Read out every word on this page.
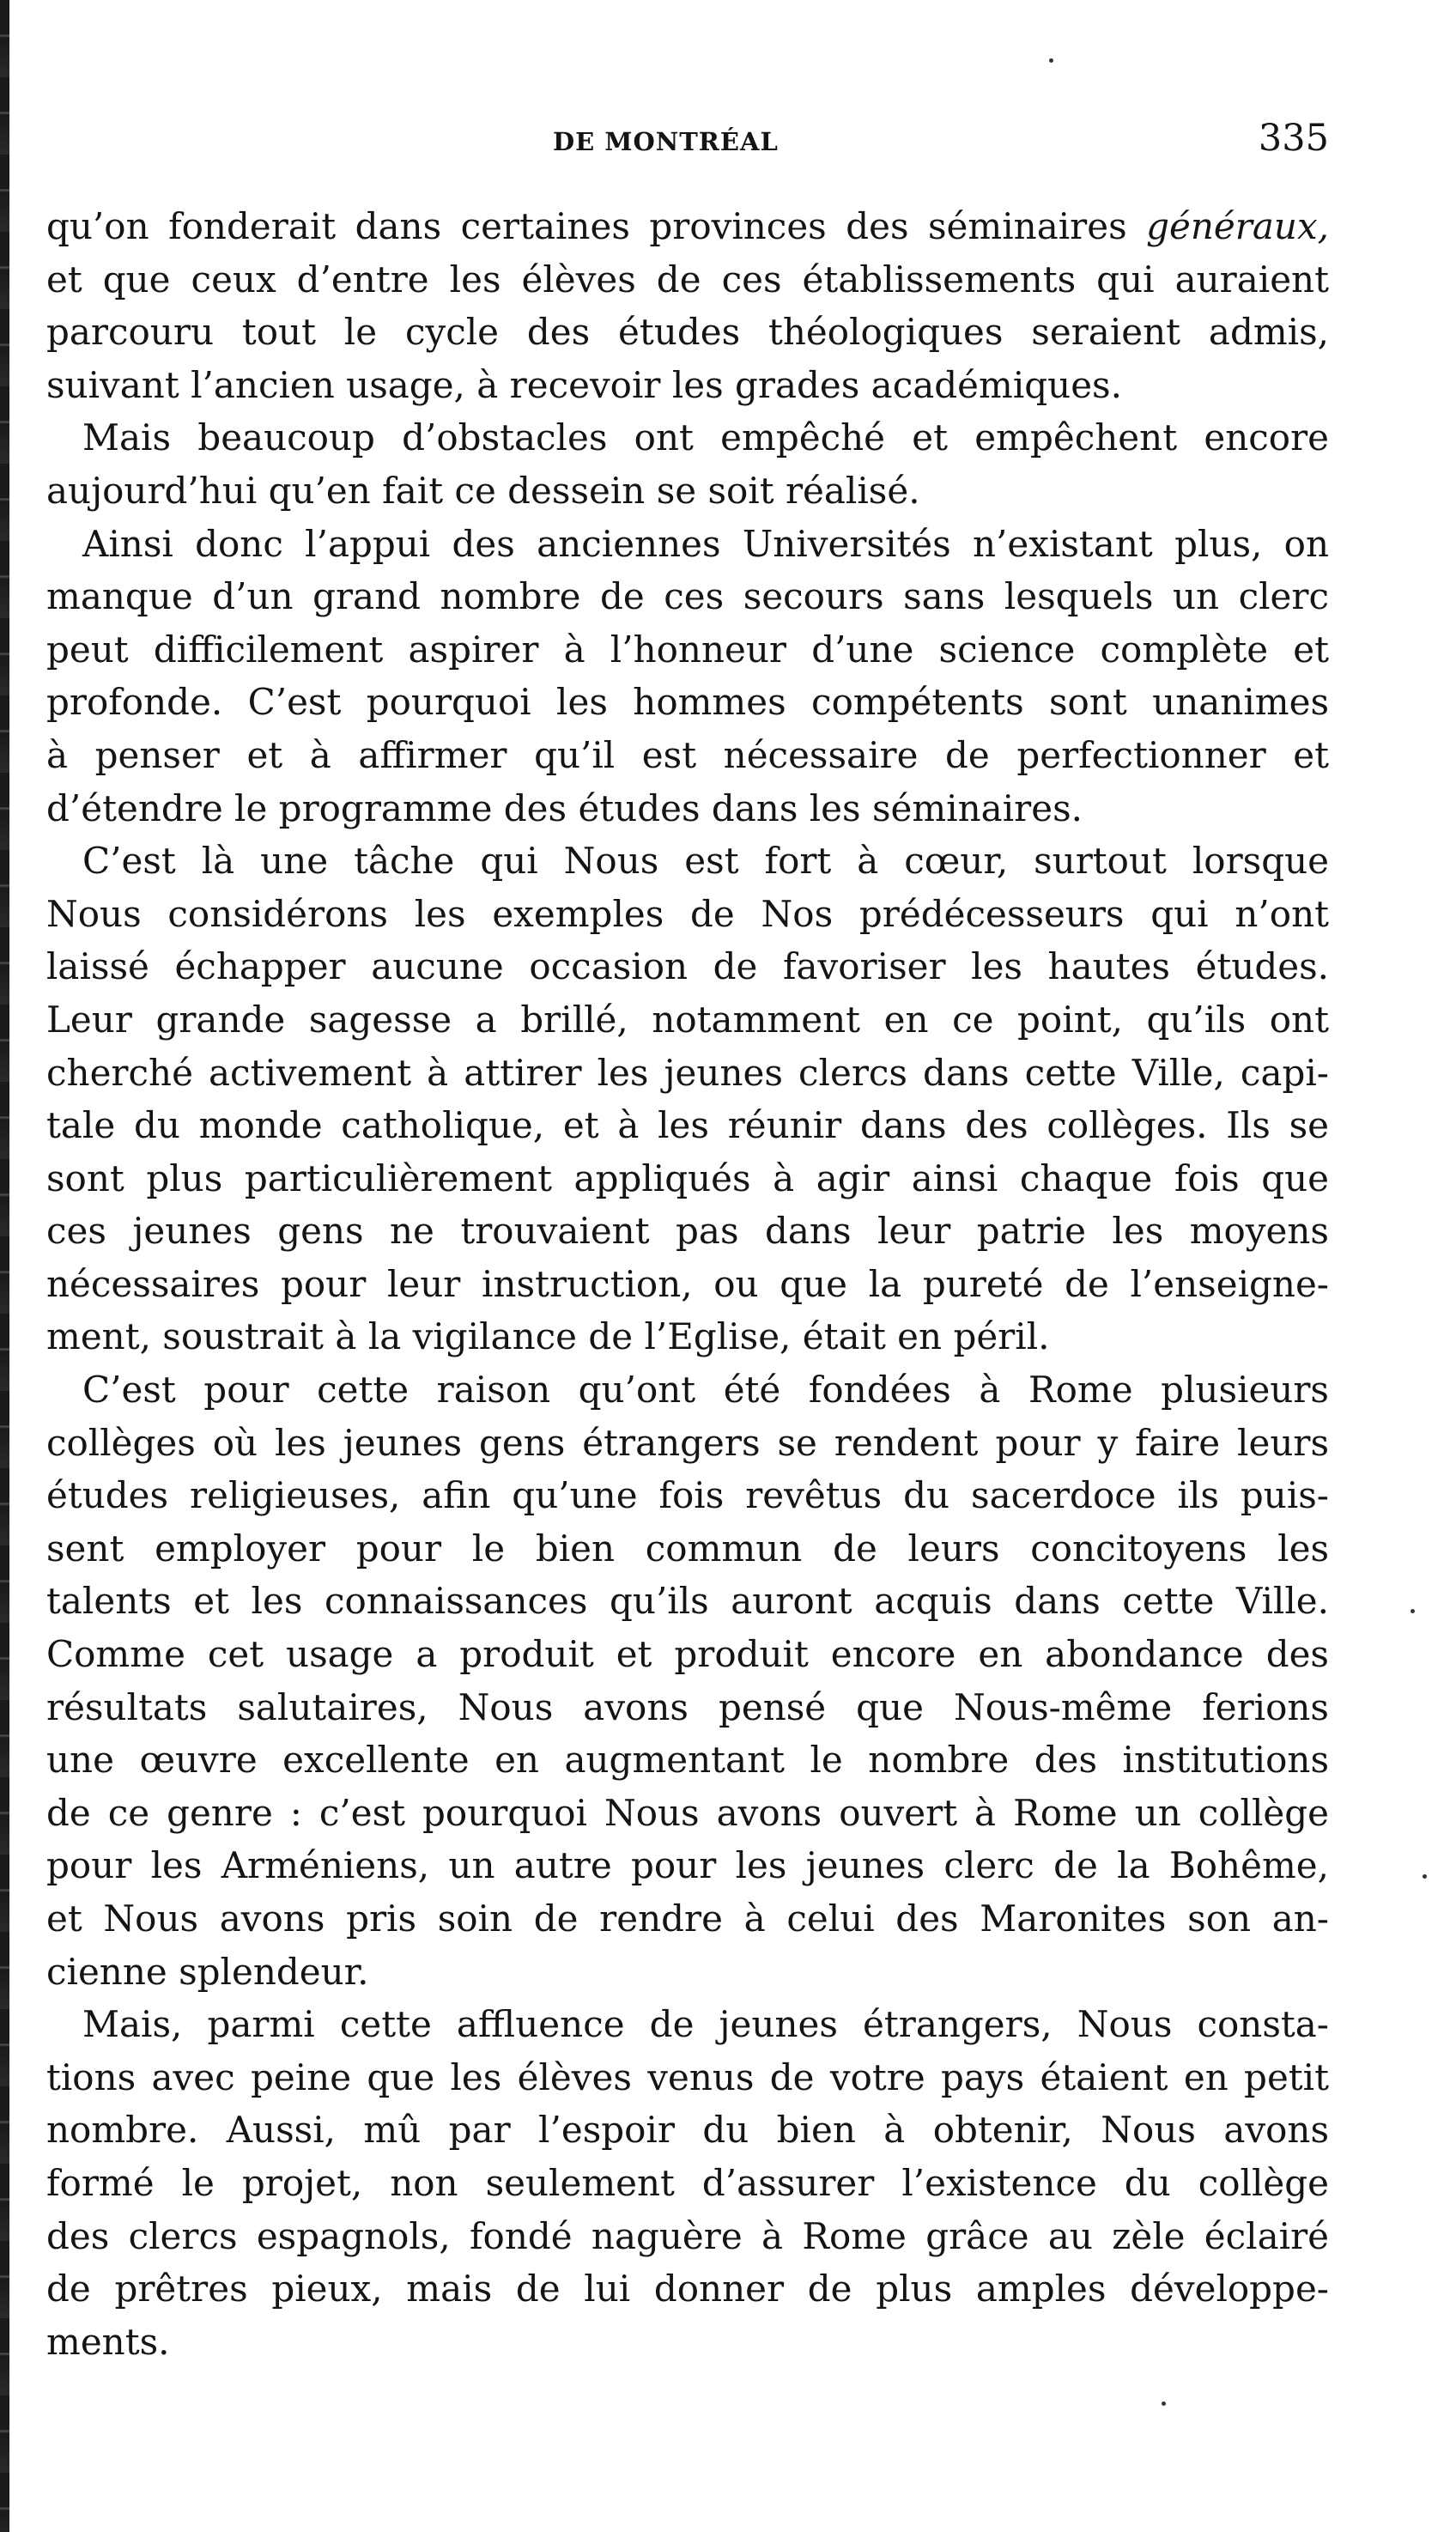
DE MONTRÉAL	335
qu’on fonderait dans certaines provinces des séminaires généraux,
et que ceux d’entre les élèves de ces établissements qui auraient
parcouru tout le cycle des études théologiques seraient admis,
suivant l’ancien usage, à recevoir les grades académiques.
Mais beaucoup d’obstacles ont empêché et empêchent encore
aujourd’hui qu’en fait ce dessein se soit réalisé.
Ainsi donc l’appui des anciennes Universités n’existant plus, on
manque d’un grand nombre de ces secours sans lesquels un clerc
peut difficilement aspirer à l’honneur d’une science complète et
profonde. C’est pourquoi les hommes compétents sont unanimes
à penser et à affirmer qu’il est nécessaire de perfectionner et
d’étendre le programme des études dans les séminaires.
C’est là une tâche qui Nous est fort à cœur, surtout lorsque
Nous considérons les exemples de Nos prédécesseurs qui n’ont
laissé échapper aucune occasion de favoriser les hautes études.
Leur grande sagesse a brillé, notamment en ce point, qu’ils ont
cherché activement à attirer les jeunes clercs dans cette Ville, capi-
tale du monde catholique, et à les réunir dans des collèges. Ils se
sont plus particulièrement appliqués à agir ainsi chaque fois que
ces jeunes gens ne trouvaient pas dans leur patrie les moyens
nécessaires pour leur instruction, ou que la pureté de l’enseigne-
ment, soustrait à la vigilance de l’Eglise, était en péril.
C’est pour cette raison qu’ont été fondées à Rome plusieurs
collèges où les jeunes gens étrangers se rendent pour y faire leurs
études religieuses, afin qu’une fois revêtus du sacerdoce ils puis-
sent employer pour le bien commun de leurs concitoyens les
talents et les connaissances qu’ils auront acquis dans cette Ville.
Comme cet usage a produit et produit encore en abondance des
résultats salutaires, Nous avons pensé que Nous-même ferions
une œuvre excellente en augmentant le nombre des institutions
de ce genre : c’est pourquoi Nous avons ouvert à Rome un collège
pour les Arméniens, un autre pour les jeunes clerc de la Bohême,
et Nous avons pris soin de rendre à celui des Maronites son an-
cienne splendeur.
Mais, parmi cette affluence de jeunes étrangers, Nous consta-
tions avec peine que les élèves venus de votre pays étaient en petit
nombre. Aussi, mû par l’espoir du bien à obtenir, Nous avons
formé le projet, non seulement d’assurer l’existence du collège
des clercs espagnols, fondé naguère à Rome grâce au zèle éclairé
de prêtres pieux, mais de lui donner de plus amples développe-
ments.
